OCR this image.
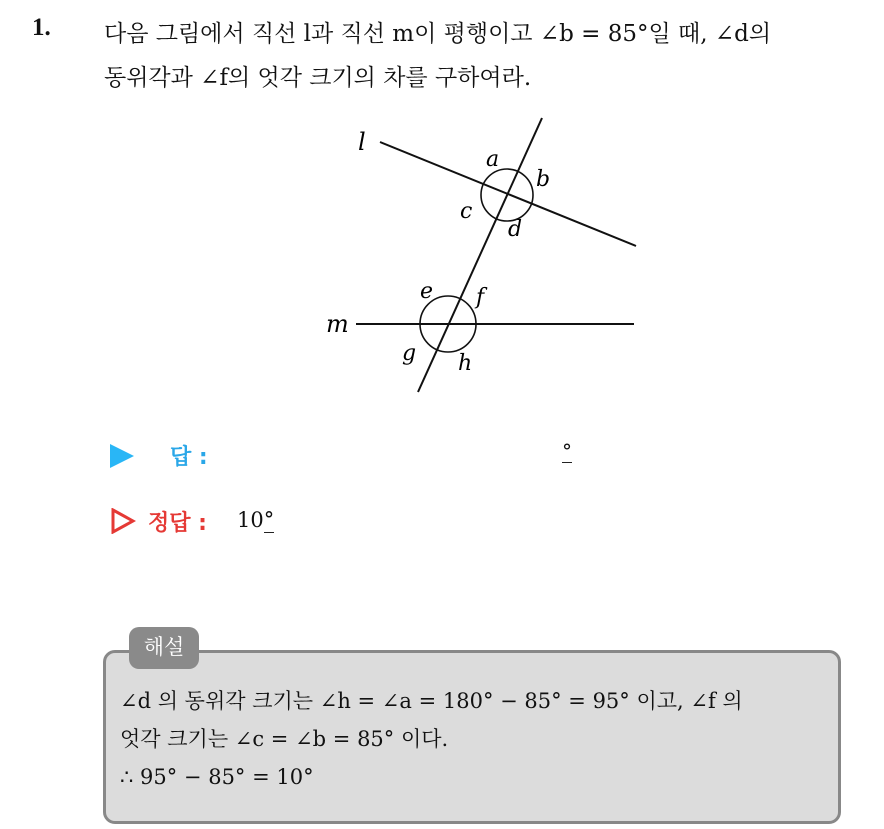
1. 다음 그림에서 직선 l과 직선 m이 평행이고 ∠b = 85°일 때, ∠d의
동위각과 ∠f의 엇각 크기의 차를 구하여라.
l
m
a
b
c
d
e f
g h
답 :	°
정답 : 10°
해설
∠d 의 동위각 크기는 ∠h = ∠a = 180° − 85° = 95° 이고, ∠f 의
엇각 크기는 ∠c = ∠b = 85° 이다.
∴ 95° − 85° = 10°
